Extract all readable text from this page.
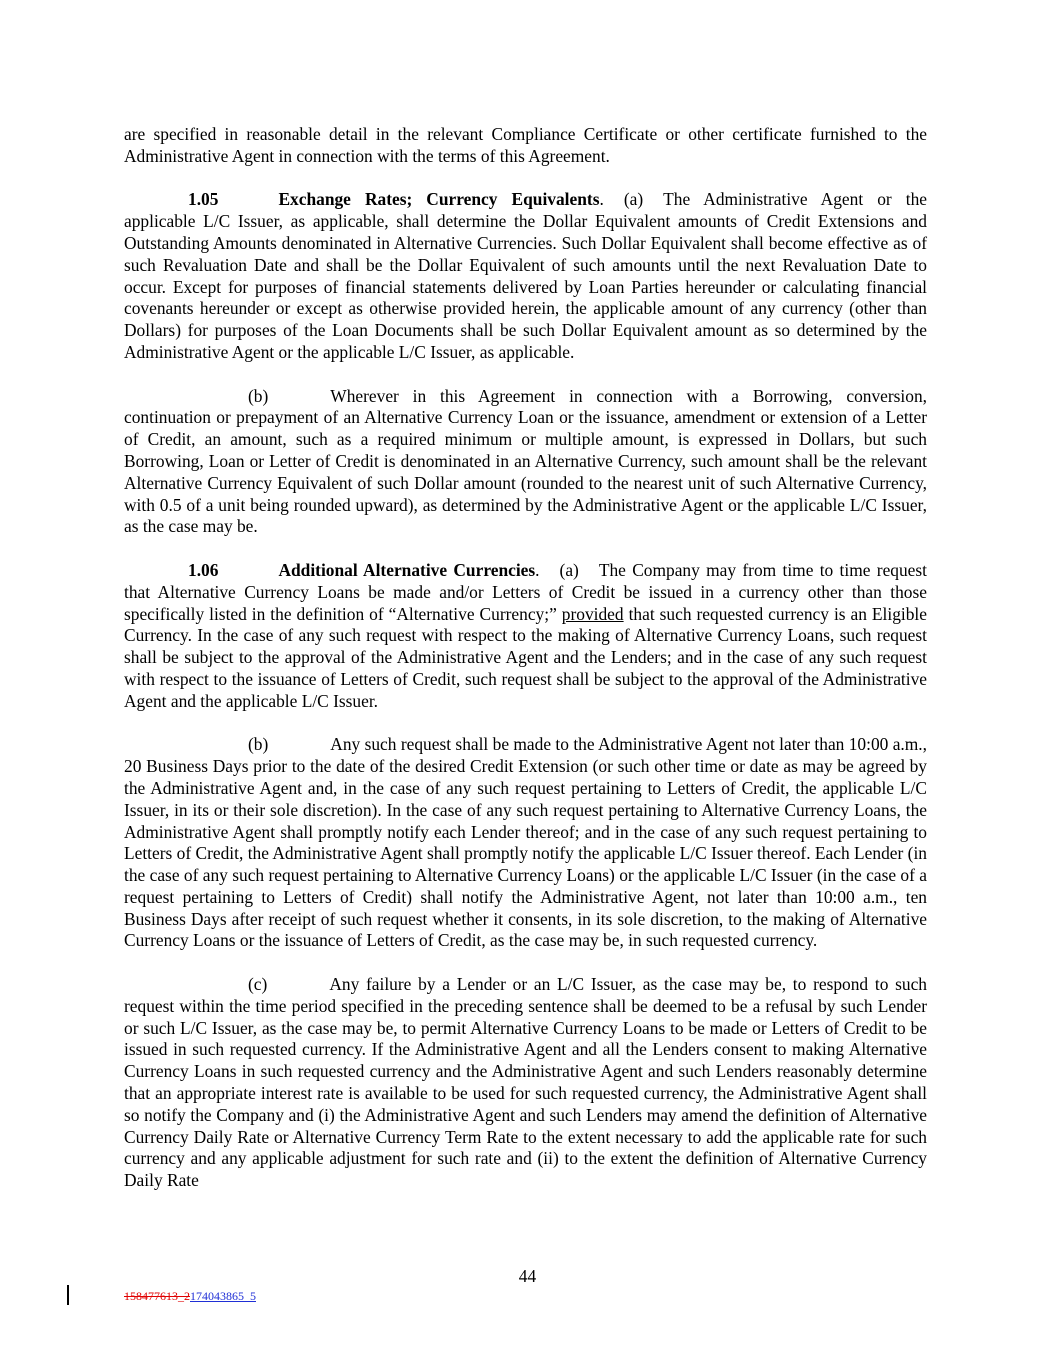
are specified in reasonable detail in the relevant Compliance Certificate or other certificate furnished to the Administrative Agent in connection with the terms of this Agreement.

1.05	Exchange Rates; Currency Equivalents. (a) The Administrative Agent or the applicable L/C Issuer, as applicable, shall determine the Dollar Equivalent amounts of Credit Extensions and Outstanding Amounts denominated in Alternative Currencies. Such Dollar Equivalent shall become effective as of such Revaluation Date and shall be the Dollar Equivalent of such amounts until the next Revaluation Date to occur. Except for purposes of financial statements delivered by Loan Parties hereunder or calculating financial covenants hereunder or except as otherwise provided herein, the applicable amount of any currency (other than Dollars) for purposes of the Loan Documents shall be such Dollar Equivalent amount as so determined by the Administrative Agent or the applicable L/C Issuer, as applicable.

(b)	Wherever in this Agreement in connection with a Borrowing, conversion, continuation or prepayment of an Alternative Currency Loan or the issuance, amendment or extension of a Letter of Credit, an amount, such as a required minimum or multiple amount, is expressed in Dollars, but such Borrowing, Loan or Letter of Credit is denominated in an Alternative Currency, such amount shall be the relevant Alternative Currency Equivalent of such Dollar amount (rounded to the nearest unit of such Alternative Currency, with 0.5 of a unit being rounded upward), as determined by the Administrative Agent or the applicable L/C Issuer, as the case may be.

1.06	Additional Alternative Currencies. (a) The Company may from time to time request that Alternative Currency Loans be made and/or Letters of Credit be issued in a currency other than those specifically listed in the definition of “Alternative Currency;” provided that such requested currency is an Eligible Currency. In the case of any such request with respect to the making of Alternative Currency Loans, such request shall be subject to the approval of the Administrative Agent and the Lenders; and in the case of any such request with respect to the issuance of Letters of Credit, such request shall be subject to the approval of the Administrative Agent and the applicable L/C Issuer.

(b)	Any such request shall be made to the Administrative Agent not later than 10:00 a.m., 20 Business Days prior to the date of the desired Credit Extension (or such other time or date as may be agreed by the Administrative Agent and, in the case of any such request pertaining to Letters of Credit, the applicable L/C Issuer, in its or their sole discretion). In the case of any such request pertaining to Alternative Currency Loans, the Administrative Agent shall promptly notify each Lender thereof; and in the case of any such request pertaining to Letters of Credit, the Administrative Agent shall promptly notify the applicable L/C Issuer thereof. Each Lender (in the case of any such request pertaining to Alternative Currency Loans) or the applicable L/C Issuer (in the case of a request pertaining to Letters of Credit) shall notify the Administrative Agent, not later than 10:00 a.m., ten Business Days after receipt of such request whether it consents, in its sole discretion, to the making of Alternative Currency Loans or the issuance of Letters of Credit, as the case may be, in such requested currency.

(c)	Any failure by a Lender or an L/C Issuer, as the case may be, to respond to such request within the time period specified in the preceding sentence shall be deemed to be a refusal by such Lender or such L/C Issuer, as the case may be, to permit Alternative Currency Loans to be made or Letters of Credit to be issued in such requested currency. If the Administrative Agent and all the Lenders consent to making Alternative Currency Loans in such requested currency and the Administrative Agent and such Lenders reasonably determine that an appropriate interest rate is available to be used for such requested currency, the Administrative Agent shall so notify the Company and (i) the Administrative Agent and such Lenders may amend the definition of Alternative Currency Daily Rate or Alternative Currency Term Rate to the extent necessary to add the applicable rate for such currency and any applicable adjustment for such rate and (ii) to the extent the definition of Alternative Currency Daily Rate

44
158477613_2174043865_5
